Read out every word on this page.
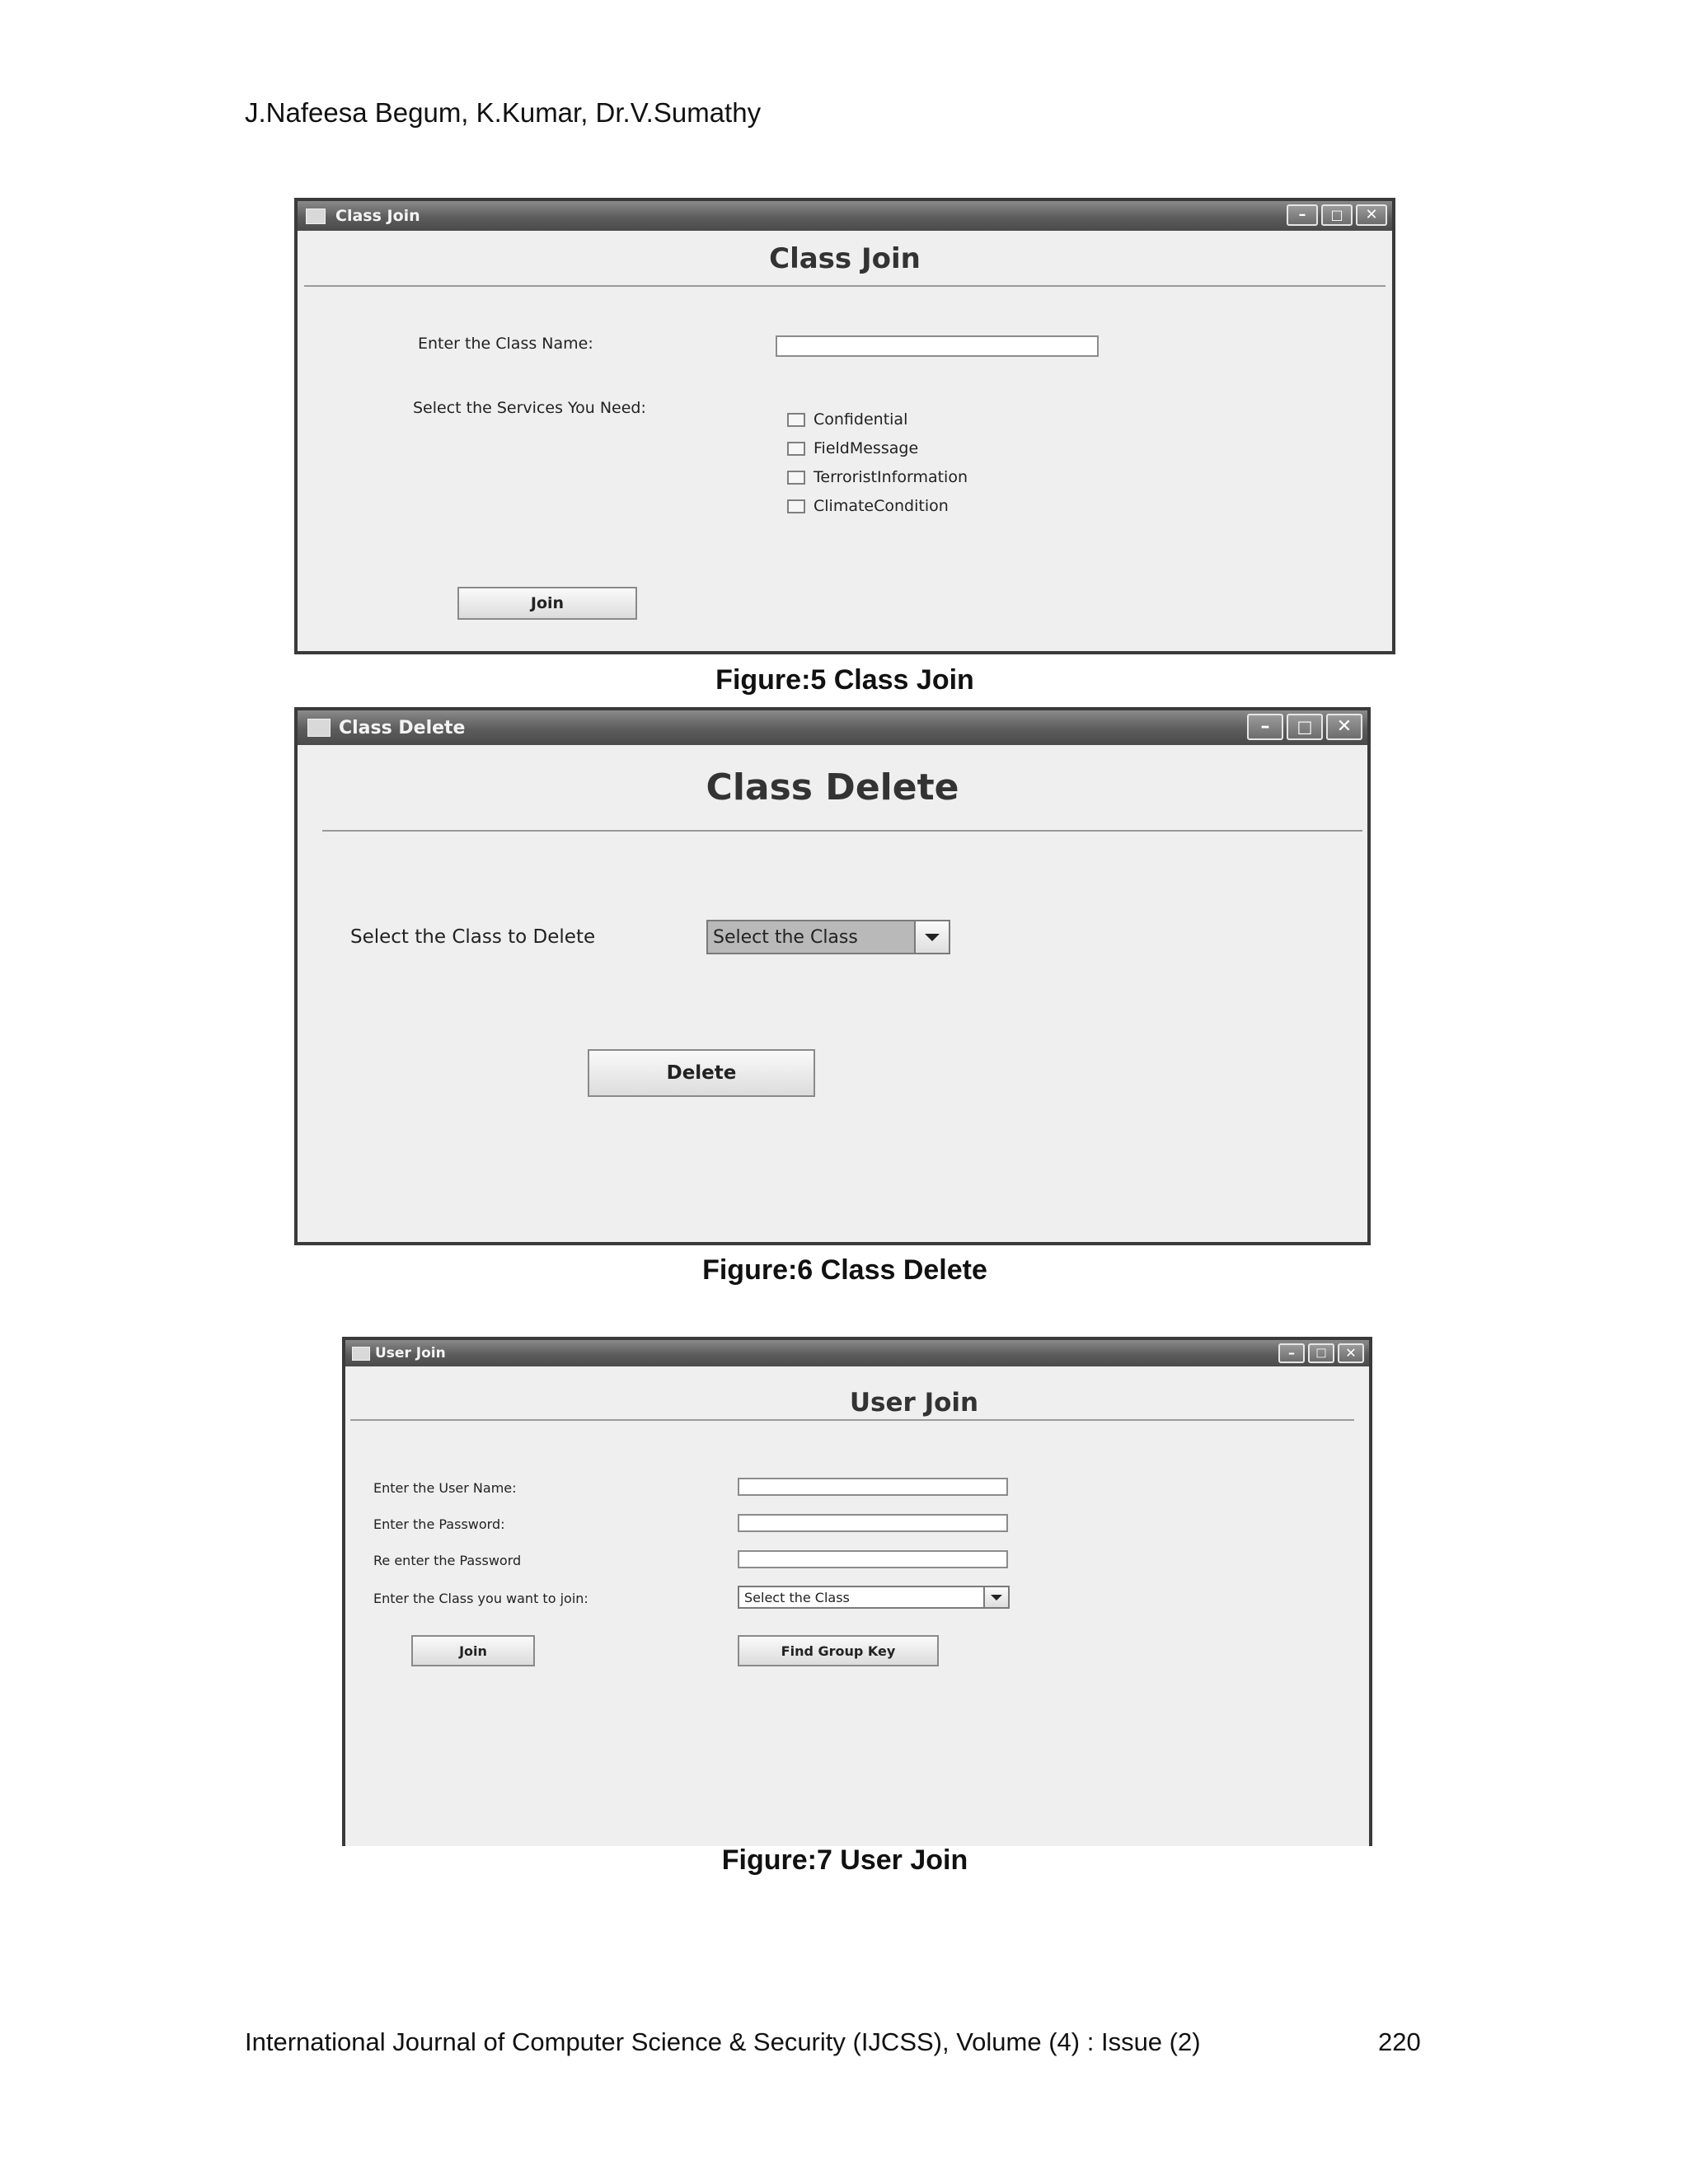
J.Nafeesa Begum, K.Kumar, Dr.V.Sumathy
Class Join	–	□	✕
Class Join
Enter the Class Name:
Select the Services You Need:
Confidential
FieldMessage
TerroristInformation
ClimateCondition
Join
Figure:5 Class Join
Class Delete	–	□	✕
Class Delete
Select the Class to Delete	Select the Class
Delete
Figure:6 Class Delete
User Join	–	□	✕
User Join
Enter the User Name:
Enter the Password:
Re enter the Password
Enter the Class you want to join:	Select the Class
Join	Find Group Key
Figure:7 User Join
International Journal of Computer Science & Security (IJCSS), Volume (4) : Issue (2)	220
